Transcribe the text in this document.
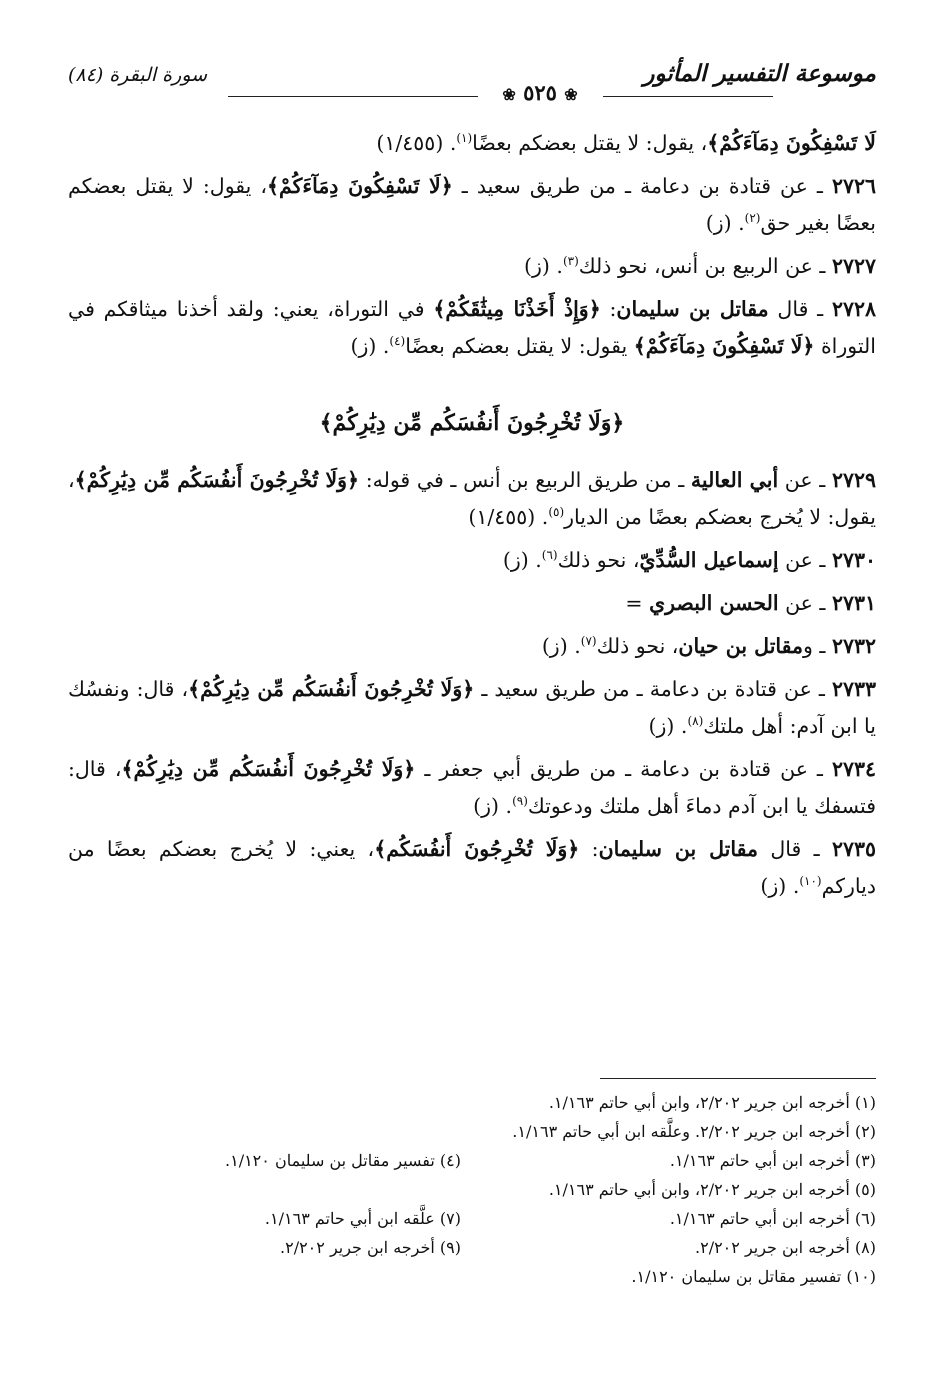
موسوعة التفسير المأثور
❀ ٥٢٥ ❀
سورة البقرة (٨٤)
لَا تَسْفِكُونَ دِمَآءَكُمْ﴾، يقول: لا يقتل بعضكم بعضًا$^{(١)}$. (١/٤٥٥)
٢٧٢٦ ـ عن قتادة بن دعامة ـ من طريق سعيد ـ ﴿لَا تَسْفِكُونَ دِمَآءَكُمْ﴾، يقول: لا يقتل بعضكم بعضًا بغير حق$^{(٢)}$. (ز)
٢٧٢٧ ـ عن الربيع بن أنس، نحو ذلك$^{(٣)}$. (ز)
٢٧٢٨ ـ قال مقاتل بن سليمان: ﴿وَإِذْ أَخَذْنَا مِيثَٰقَكُمْ﴾ في التوراة، يعني: ولقد أخذنا ميثاقكم في التوراة ﴿لَا تَسْفِكُونَ دِمَآءَكُمْ﴾ يقول: لا يقتل بعضكم بعضًا$^{(٤)}$. (ز)
﴿وَلَا تُخْرِجُونَ أَنفُسَكُم مِّن دِيَٰرِكُمْ﴾
٢٧٢٩ ـ عن أبي العالية ـ من طريق الربيع بن أنس ـ في قوله: ﴿وَلَا تُخْرِجُونَ أَنفُسَكُم مِّن دِيَٰرِكُمْ﴾، يقول: لا يُخرج بعضكم بعضًا من الديار$^{(٥)}$. (١/٤٥٥)
٢٧٣٠ ـ عن إسماعيل السُّدِّيّ، نحو ذلك$^{(٦)}$. (ز)
٢٧٣١ ـ عن الحسن البصري =
٢٧٣٢ ـ ومقاتل بن حيان، نحو ذلك$^{(٧)}$. (ز)
٢٧٣٣ ـ عن قتادة بن دعامة ـ من طريق سعيد ـ ﴿وَلَا تُخْرِجُونَ أَنفُسَكُم مِّن دِيَٰرِكُمْ﴾، قال: ونفسُك يا ابن آدم: أهل ملتك$^{(٨)}$. (ز)
٢٧٣٤ ـ عن قتادة بن دعامة ـ من طريق أبي جعفر ـ ﴿وَلَا تُخْرِجُونَ أَنفُسَكُم مِّن دِيَٰرِكُمْ﴾، قال: فتسفك يا ابن آدم دماءَ أهل ملتك ودعوتك$^{(٩)}$. (ز)
٢٧٣٥ ـ قال مقاتل بن سليمان: ﴿وَلَا تُخْرِجُونَ أَنفُسَكُم﴾، يعني: لا يُخرج بعضكم بعضًا من دياركم$^{(١٠)}$. (ز)
(١) أخرجه ابن جرير ٢/٢٠٢، وابن أبي حاتم ١/١٦٣.
(٢) أخرجه ابن جرير ٢/٢٠٢. وعلَّقه ابن أبي حاتم ١/١٦٣.
(٣) أخرجه ابن أبي حاتم ١/١٦٣.
(٤) تفسير مقاتل بن سليمان ١/١٢٠.
(٥) أخرجه ابن جرير ٢/٢٠٢، وابن أبي حاتم ١/١٦٣.
(٦) أخرجه ابن أبي حاتم ١/١٦٣.
(٧) علَّقه ابن أبي حاتم ١/١٦٣.
(٨) أخرجه ابن جرير ٢/٢٠٢.
(٩) أخرجه ابن جرير ٢/٢٠٢.
(١٠) تفسير مقاتل بن سليمان ١/١٢٠.
